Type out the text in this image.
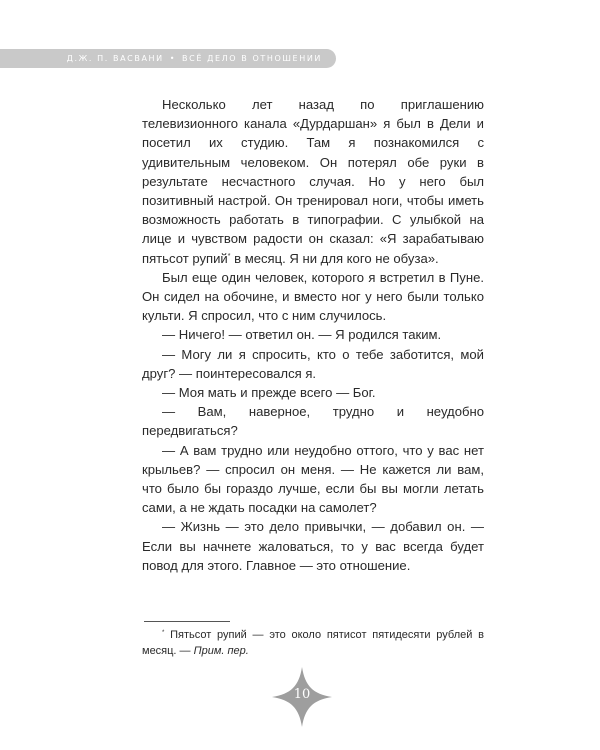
Д.Ж. П. ВАСВАНИ • ВСЁ ДЕЛО В ОТНОШЕНИИ

Несколько лет назад по приглашению телевизионного канала «Дурдаршан» я был в Дели и посетил их студию. Там я познакомился с удивительным человеком. Он потерял обе руки в результате несчастного случая. Но у него был позитивный настрой. Он тренировал ноги, чтобы иметь возможность работать в типографии. С улыбкой на лице и чувством радости он сказал: «Я зарабатываю пятьсот рупий* в месяц. Я ни для кого не обуза».

Был еще один человек, которого я встретил в Пуне. Он сидел на обочине, и вместо ног у него были только культи. Я спросил, что с ним случилось.

— Ничего! — ответил он. — Я родился таким.

— Могу ли я спросить, кто о тебе заботится, мой друг? — поинтересовался я.

— Моя мать и прежде всего — Бог.

— Вам, наверное, трудно и неудобно передвигаться?

— А вам трудно или неудобно оттого, что у вас нет крыльев? — спросил он меня. — Не кажется ли вам, что было бы гораздо лучше, если бы вы могли летать сами, а не ждать посадки на самолет?

— Жизнь — это дело привычки, — добавил он. — Если вы начнете жаловаться, то у вас всегда будет повод для этого. Главное — это отношение.

* Пятьсот рупий — это около пятисот пятидесяти рублей в месяц. — Прим. пер.

10
